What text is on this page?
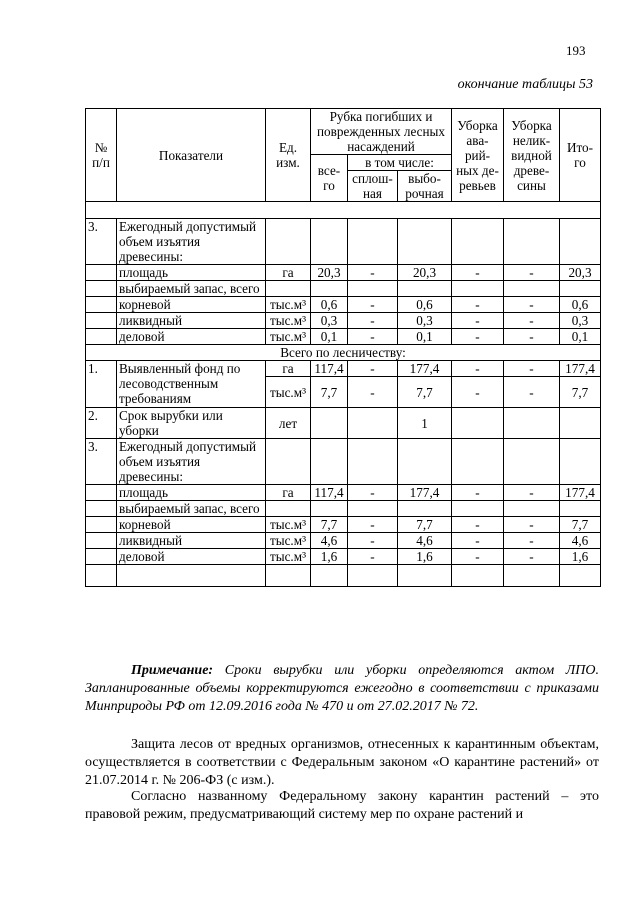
193
окончание таблицы 53
№ п/п	Показатели	Ед. изм.	Рубка погибших и поврежденных лесных насаждений			Уборка ава-рий-ных де-ревьев	Уборка нелик-видной древе-сины	Ито-го
			все-го	в том числе:				
				сплош-ная	выбо-рочная			

3.	Ежегодный допустимый объем изъятия древесины:							
	площадь	га	20,3	-	20,3	-	-	20,3
	выбираемый запас, всего							
	корневой	тыс.м³	0,6	-	0,6	-	-	0,6
	ликвидный	тыс.м³	0,3	-	0,3	-	-	0,3
	деловой	тыс.м³	0,1	-	0,1	-	-	0,1
Всего по лесничеству:								
1.	Выявленный фонд по лесоводственным требованиям	га	117,4	-	177,4	-	-	177,4
		тыс.м³	7,7	-	7,7	-	-	7,7
2.	Срок вырубки или уборки	лет			1			
3.	Ежегодный допустимый объем изъятия древесины:							
	площадь	га	117,4	-	177,4	-	-	177,4
	выбираемый запас, всего							
	корневой	тыс.м³	7,7	-	7,7	-	-	7,7
	ликвидный	тыс.м³	4,6	-	4,6	-	-	4,6
	деловой	тыс.м³	1,6	-	1,6	-	-	1,6

Примечание: Сроки вырубки или уборки определяются актом ЛПО. Запланированные объемы корректируются ежегодно в соответствии с приказами Минприроды РФ от 12.09.2016 года № 470 и от 27.02.2017 № 72.

Защита лесов от вредных организмов, отнесенных к карантинным объектам, осуществляется в соответствии с Федеральным законом «О карантине растений» от 21.07.2014 г. № 206-ФЗ (с изм.).

Согласно названному Федеральному закону карантин растений – это правовой режим, предусматривающий систему мер по охране растений и
